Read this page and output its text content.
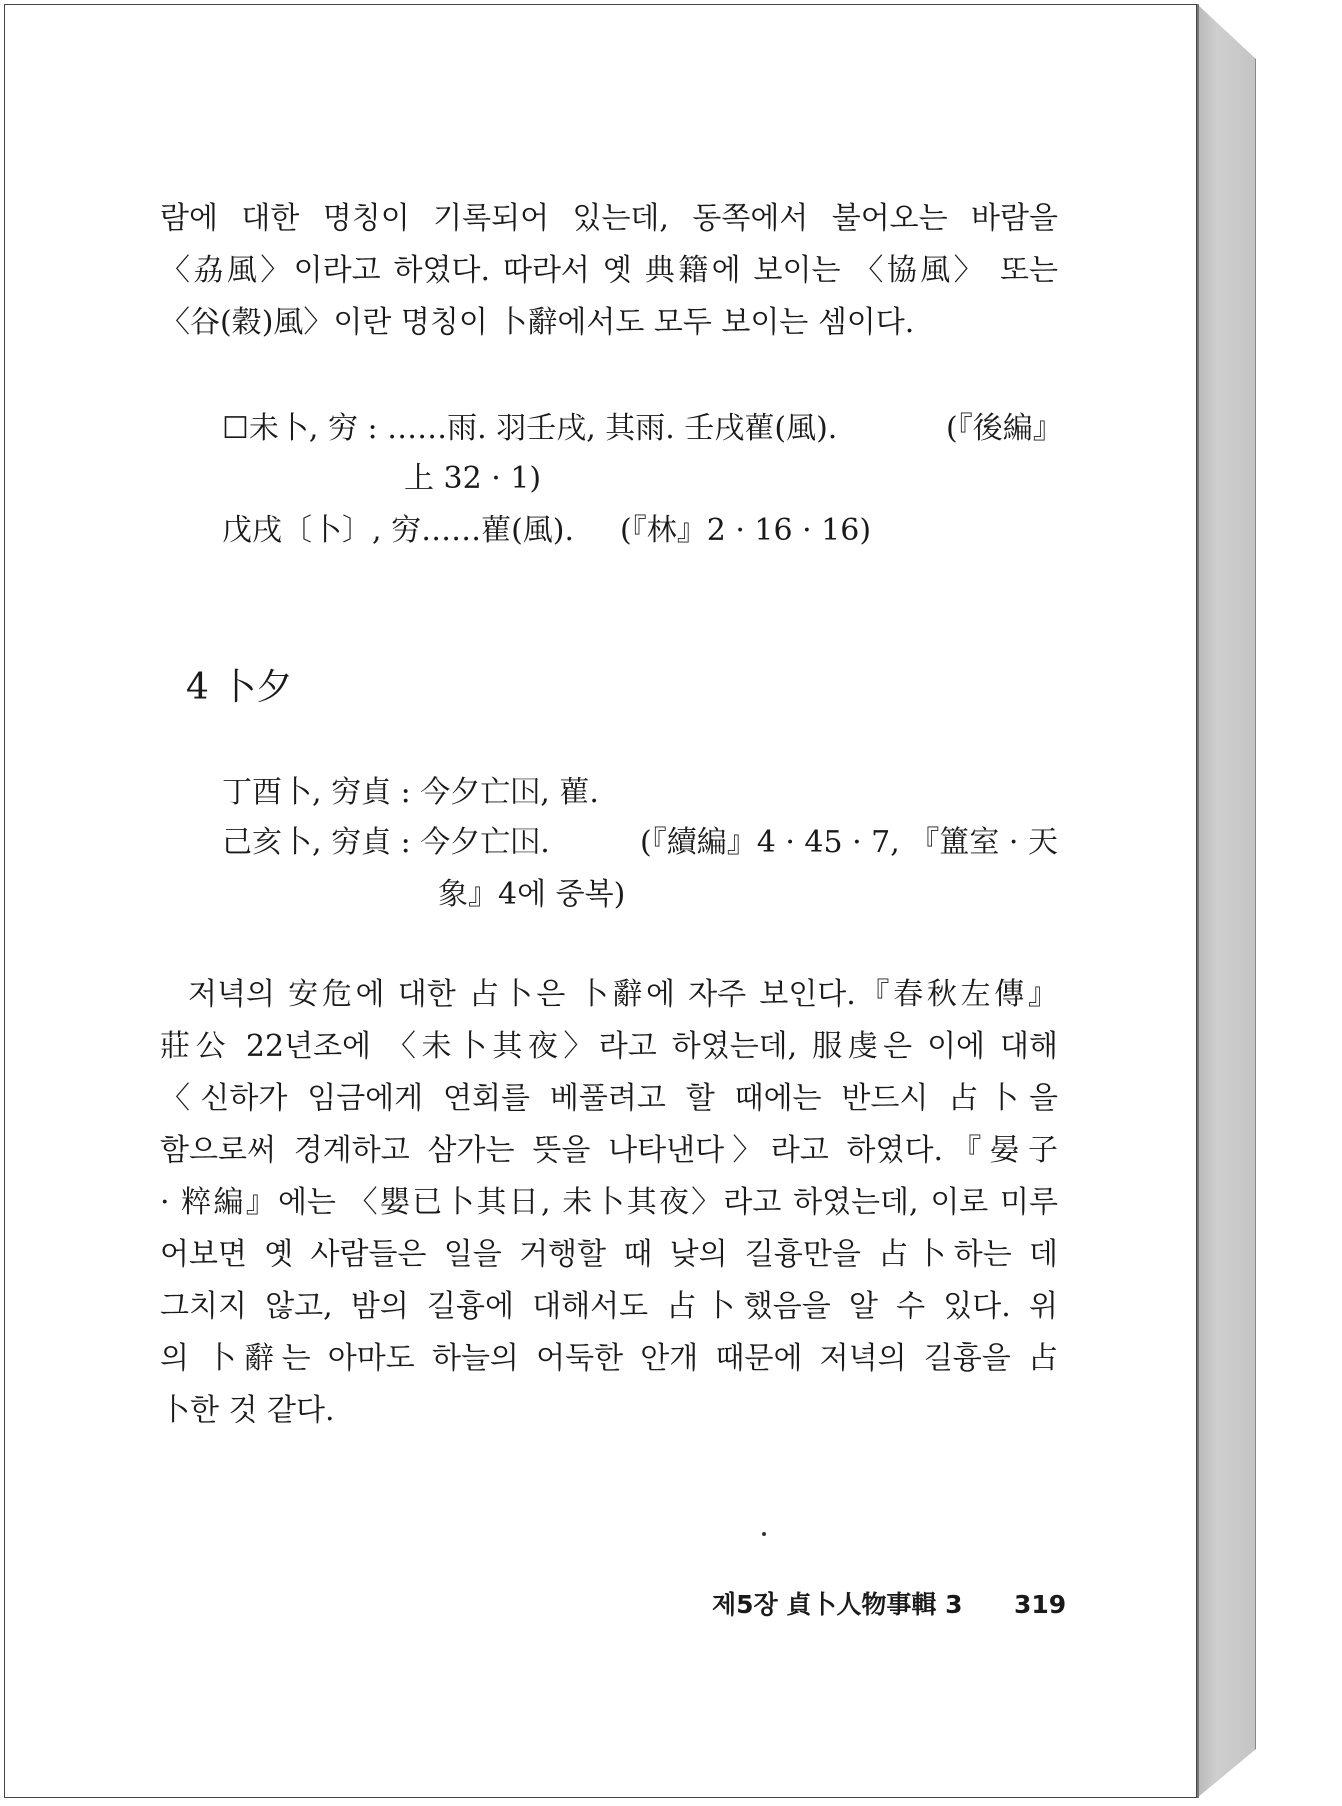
람에 대한 명칭이 기록되어 있는데, 동쪽에서 불어오는 바람을
〈劦風〉이라고 하였다. 따라서 옛 典籍에 보이는 〈協風〉 또는
〈谷(穀)風〉이란 명칭이 卜辭에서도 모두 보이는 셈이다.
☐未卜, 穷 : ……雨. 羽壬戌, 其雨. 壬戌雚(風).	(『後編』
上 32 · 1)
戊戌〔卜〕, 穷……雚(風). (『林』2 · 16 · 16)
4 卜夕
丁酉卜, 穷貞 : 今夕亡𡆥, 雚.
己亥卜, 穷貞 : 今夕亡𡆥.	(『續編』4 · 45 · 7, 『簠室 · 天
象』4에 중복)
저녁의 安危에 대한 占卜은 卜辭에 자주 보인다.『春秋左傳』
莊公 22년조에 〈未卜其夜〉라고 하였는데, 服虔은 이에 대해
〈신하가 임금에게 연회를 베풀려고 할 때에는 반드시 占卜을
함으로써 경계하고 삼가는 뜻을 나타낸다〉라고 하였다.『晏子
· 粹編』에는 〈嬰已卜其日, 未卜其夜〉라고 하였는데, 이로 미루
어보면 옛 사람들은 일을 거행할 때 낮의 길흉만을 占卜하는 데
그치지 않고, 밤의 길흉에 대해서도 占卜했음을 알 수 있다. 위
의 卜辭는 아마도 하늘의 어둑한 안개 때문에 저녁의 길흉을 占
卜한 것 같다.
제5장 貞卜人物事輯 3 319
